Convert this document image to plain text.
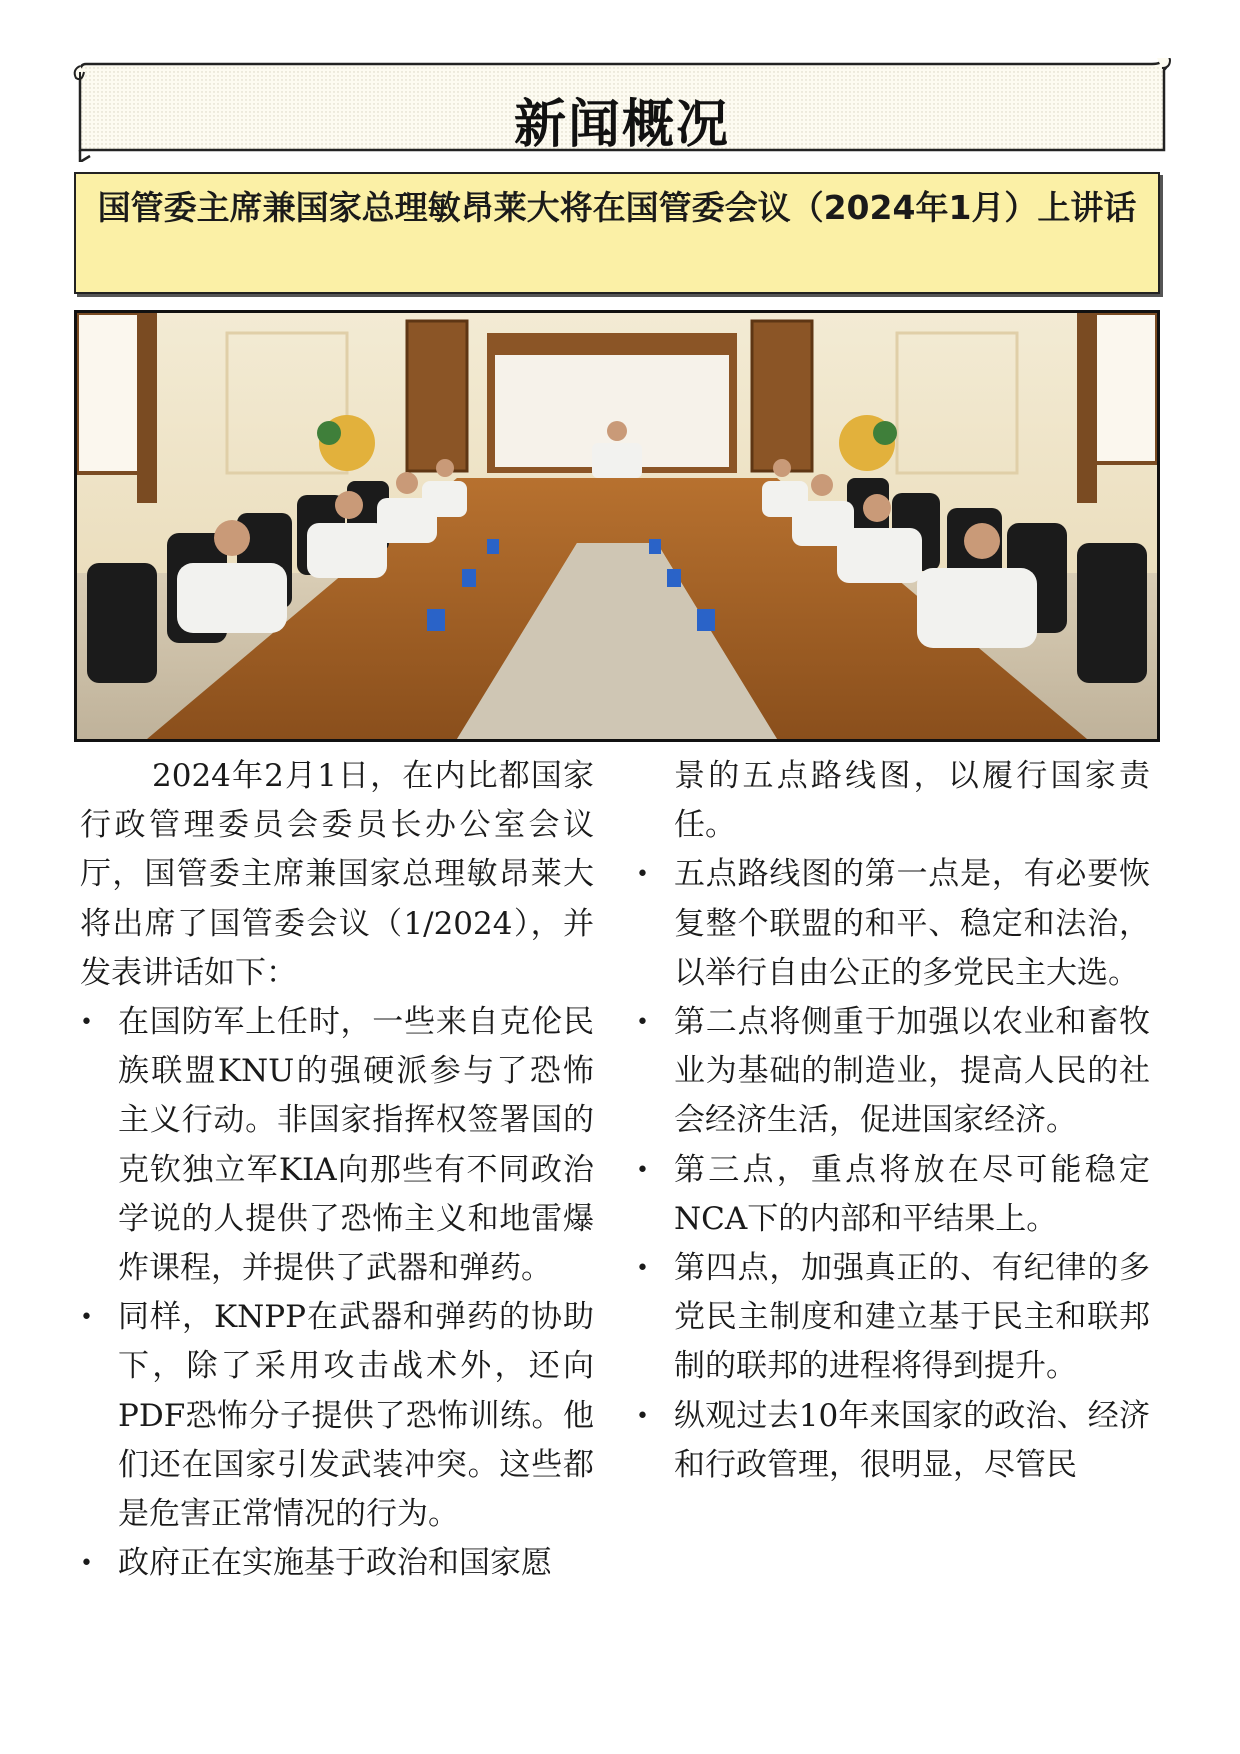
新闻概况
国管委主席兼国家总理敏昂莱大将在国管委会议（2024年1月）上讲话

2024年2月1日，在内比都国家行政管理委员会委员长办公室会议厅，国管委主席兼国家总理敏昂莱大将出席了国管委会议（1/2024），并发表讲话如下：

• 在国防军上任时，一些来自克伦民族联盟KNU的强硬派参与了恐怖主义行动。非国家指挥权签署国的克钦独立军KIA向那些有不同政治学说的人提供了恐怖主义和地雷爆炸课程，并提供了武器和弹药。
• 同样，KNPP在武器和弹药的协助下，除了采用攻击战术外，还向PDF恐怖分子提供了恐怖训练。他们还在国家引发武装冲突。这些都是危害正常情况的行为。
• 政府正在实施基于政治和国家愿

景的五点路线图，以履行国家责任。

• 五点路线图的第一点是，有必要恢复整个联盟的和平、稳定和法治，以举行自由公正的多党民主大选。
• 第二点将侧重于加强以农业和畜牧业为基础的制造业，提高人民的社会经济生活，促进国家经济。
• 第三点，重点将放在尽可能稳定NCA下的内部和平结果上。
• 第四点，加强真正的、有纪律的多党民主制度和建立基于民主和联邦制的联邦的进程将得到提升。
• 纵观过去10年来国家的政治、经济和行政管理，很明显，尽管民
